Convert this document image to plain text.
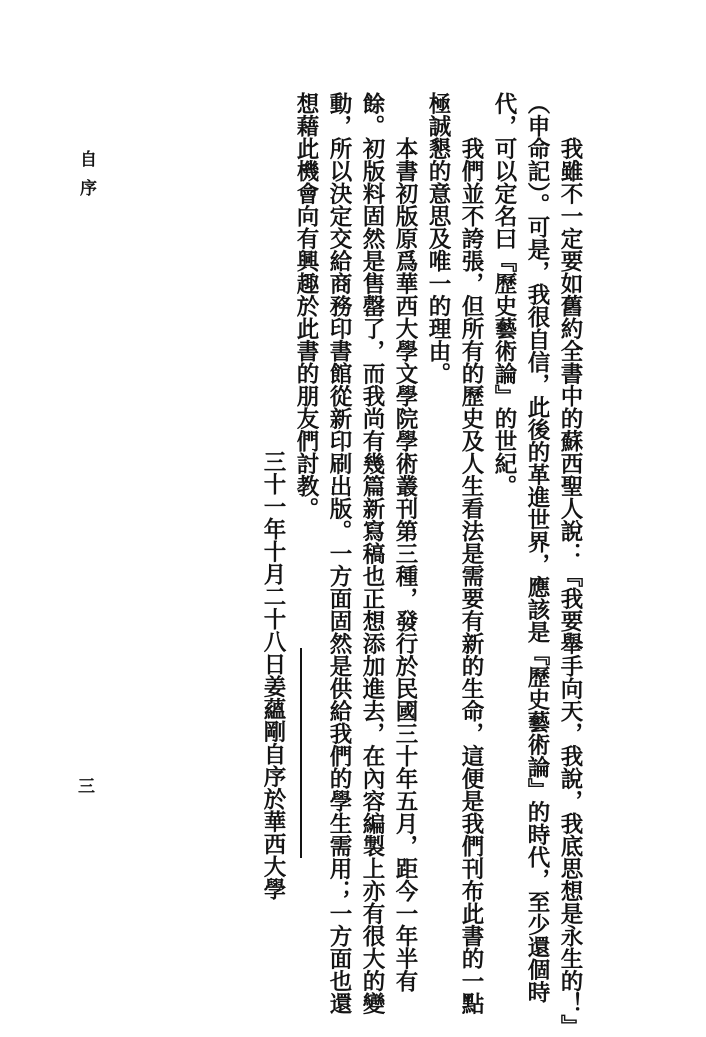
我雖不一定要如舊約全書中的蘇西聖人說：『我要舉手向天，我說，我底思想是永生的！』
（申命記）。可是，我很自信，此後的革進世界，應該是『歷史藝術論』的時代，至少還個時
代，可以定名曰『歷史藝術論』的世紀。
我們並不誇張，但所有的歷史及人生看法是需要有新的生命，這便是我們刊布此書的一點
極誠懇的意思及唯一的理由。
本書初版原爲華西大學文學院學術叢刊第三種，發行於民國三十年五月，距今一年半有
餘。初版料固然是售罄了，而我尚有幾篇新寫稿也正想添加進去，在內容編製上亦有很大的變
動，所以決定交給商務印書館從新印刷出版。一方面固然是供給我們的學生需用；一方面也還
想藉此機會向有興趣於此書的朋友們討教。
三十一年十月二十八日姜蘊剛自序於華西大學
自序
三
